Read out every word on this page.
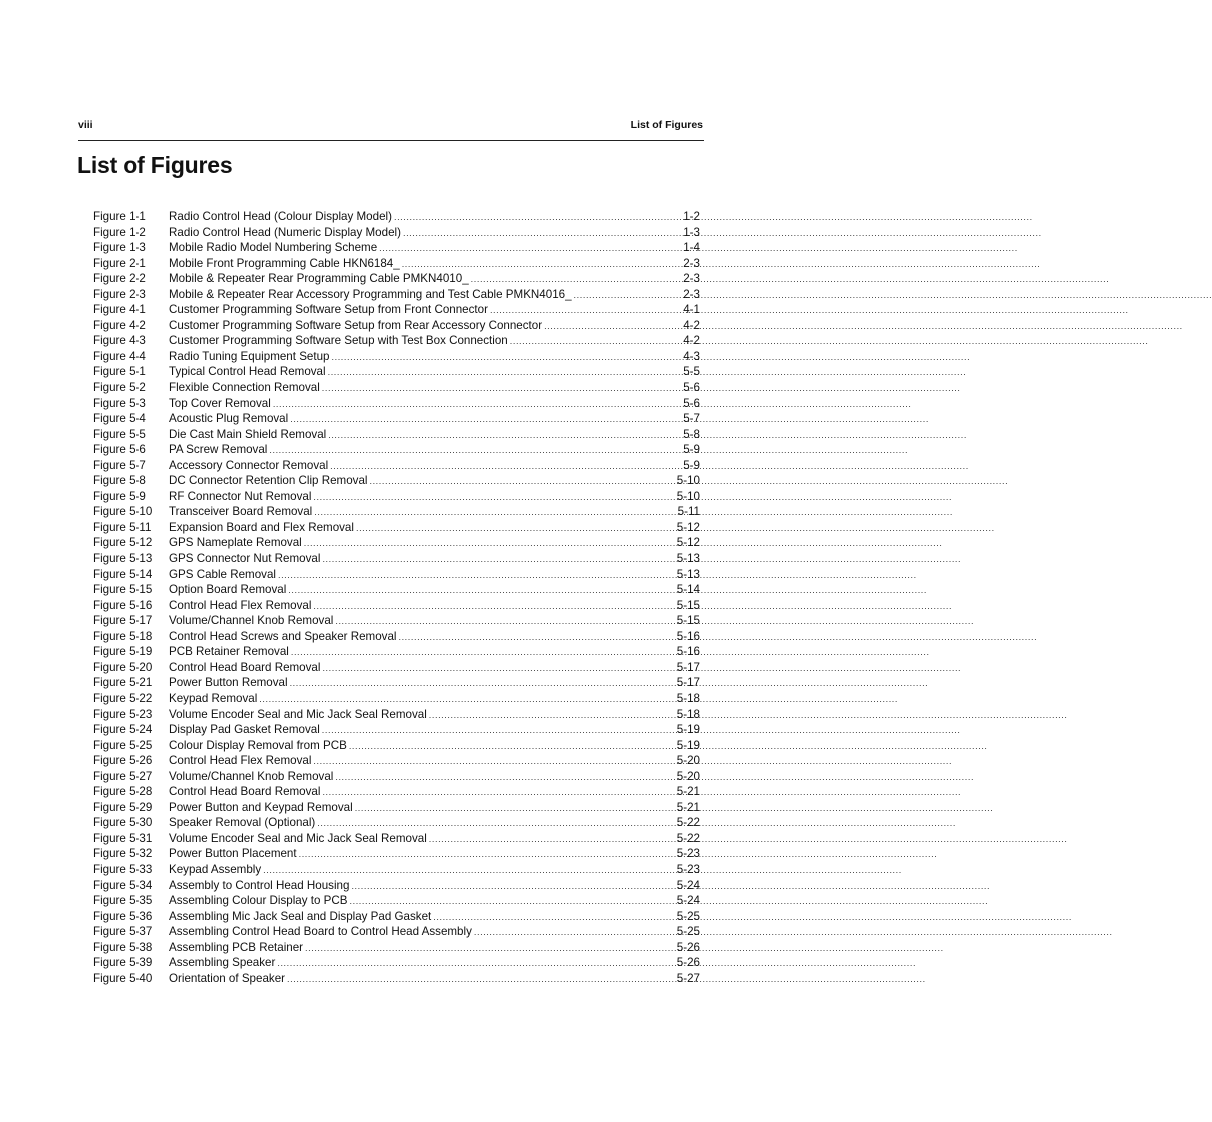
viii	List of Figures
List of Figures
Figure 1-1	Radio Control Head (Colour Display Model) .....	1-2
Figure 1-2	Radio Control Head (Numeric Display Model) .....	1-3
Figure 1-3	Mobile Radio Model Numbering Scheme .....	1-4
Figure 2-1	Mobile Front Programming Cable HKN6184_ .....	2-3
Figure 2-2	Mobile & Repeater Rear Programming Cable PMKN4010_ .....	2-3
Figure 2-3	Mobile & Repeater Rear Accessory Programming and Test Cable PMKN4016_ .....	2-3
Figure 4-1	Customer Programming Software Setup from Front Connector .....	4-1
Figure 4-2	Customer Programming Software Setup from Rear Accessory Connector .....	4-2
Figure 4-3	Customer Programming Software Setup with Test Box Connection .....	4-2
Figure 4-4	Radio Tuning Equipment Setup .....	4-3
Figure 5-1	Typical Control Head Removal .....	5-5
Figure 5-2	Flexible Connection Removal .....	5-6
Figure 5-3	Top Cover Removal .....	5-6
Figure 5-4	Acoustic Plug Removal .....	5-7
Figure 5-5	Die Cast Main Shield Removal .....	5-8
Figure 5-6	PA Screw Removal .....	5-9
Figure 5-7	Accessory Connector Removal .....	5-9
Figure 5-8	DC Connector Retention Clip Removal .....	5-10
Figure 5-9	RF Connector Nut Removal .....	5-10
Figure 5-10	Transceiver Board Removal .....	5-11
Figure 5-11	Expansion Board and Flex Removal .....	5-12
Figure 5-12	GPS Nameplate Removal .....	5-12
Figure 5-13	GPS Connector Nut Removal .....	5-13
Figure 5-14	GPS Cable Removal .....	5-13
Figure 5-15	Option Board Removal .....	5-14
Figure 5-16	Control Head Flex Removal .....	5-15
Figure 5-17	Volume/Channel Knob Removal .....	5-15
Figure 5-18	Control Head Screws and Speaker Removal .....	5-16
Figure 5-19	PCB Retainer Removal .....	5-16
Figure 5-20	Control Head Board Removal .....	5-17
Figure 5-21	Power Button Removal .....	5-17
Figure 5-22	Keypad Removal .....	5-18
Figure 5-23	Volume Encoder Seal and Mic Jack Seal Removal .....	5-18
Figure 5-24	Display Pad Gasket Removal .....	5-19
Figure 5-25	Colour Display Removal from PCB .....	5-19
Figure 5-26	Control Head Flex Removal .....	5-20
Figure 5-27	Volume/Channel Knob Removal .....	5-20
Figure 5-28	Control Head Board Removal .....	5-21
Figure 5-29	Power Button and Keypad Removal .....	5-21
Figure 5-30	Speaker Removal (Optional) .....	5-22
Figure 5-31	Volume Encoder Seal and Mic Jack Seal Removal .....	5-22
Figure 5-32	Power Button Placement .....	5-23
Figure 5-33	Keypad Assembly .....	5-23
Figure 5-34	Assembly to Control Head Housing .....	5-24
Figure 5-35	Assembling Colour Display to PCB .....	5-24
Figure 5-36	Assembling Mic Jack Seal and Display Pad Gasket .....	5-25
Figure 5-37	Assembling Control Head Board to Control Head Assembly .....	5-25
Figure 5-38	Assembling PCB Retainer .....	5-26
Figure 5-39	Assembling Speaker .....	5-26
Figure 5-40	Orientation of Speaker .....	5-27
